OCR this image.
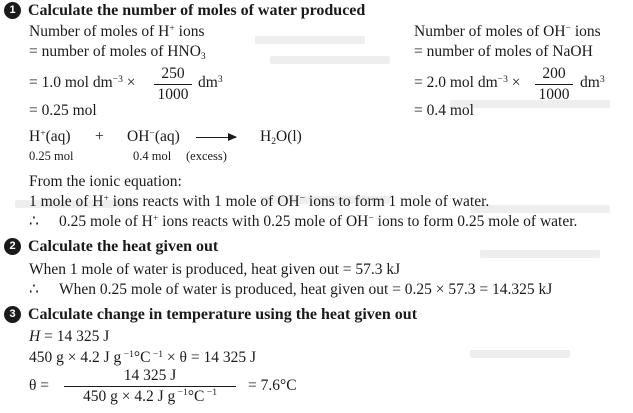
1 Calculate the number of moles of water produced
Number of moles of H+ ions
= number of moles of $HNO_3$
= 1.0 mol $dm^{-3}$ ×
250
1000
$dm^3$
= 0.25 mol
Number of moles of OH− ions
= number of moles of NaOH
= 2.0 mol $dm^{-3}$ ×
200
1000
$dm^3$
= 0.4 mol
$H^+(aq) + OH^-(aq) \to H_2O(l)$
0.25 mol	0.4 mol (excess)
From the ionic equation:
1 mole of H+ ions reacts with 1 mole of OH− ions to form 1 mole of water.
∴ 0.25 mole of H+ ions reacts with 0.25 mole of OH− ions to form 0.25 mole of water.
2 Calculate the heat given out
When 1 mole of water is produced, heat given out = 57.3 kJ
∴ When 0.25 mole of water is produced, heat given out = 0.25 × 57.3 = 14.325 kJ
3 Calculate change in temperature using the heat given out
H = 14 325 J
450 g × 4.2 J g $^{-1}$°C $^{-1}$ × θ = 14 325 J
θ =
14 325 J
450 g × 4.2 J g $^{-1}$°C $^{-1}$	= 7.6°C
